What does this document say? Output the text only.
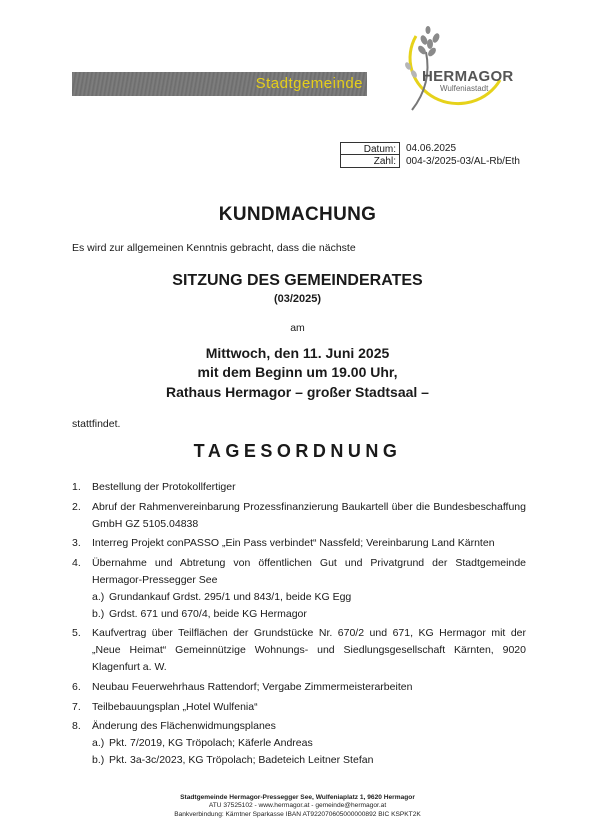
Stadtgemeinde	HERMAGOR
Wulfeniastadt
Datum:	04.06.2025
Zahl:	004-3/2025-03/AL-Rb/Eth
KUNDMACHUNG
Es wird zur allgemeinen Kenntnis gebracht, dass die nächste
SITZUNG DES GEMEINDERATES
(03/2025)
am
Mittwoch, den 11. Juni 2025
mit dem Beginn um 19.00 Uhr,
Rathaus Hermagor – großer Stadtsaal –
stattfindet.
TAGESORDNUNG
1.	Bestellung der Protokollfertiger
2.	Abruf der Rahmenvereinbarung Prozessfinanzierung Baukartell über die Bundesbeschaffung GmbH GZ 5105.04838
3.	Interreg Projekt conPASSO „Ein Pass verbindet“ Nassfeld; Vereinbarung Land Kärnten
4.	Übernahme und Abtretung von öffentlichen Gut und Privatgrund der Stadtgemeinde Hermagor-Pressegger See
a.) Grundankauf Grdst. 295/1 und 843/1, beide KG Egg
b.) Grdst. 671 und 670/4, beide KG Hermagor
5.	Kaufvertrag über Teilflächen der Grundstücke Nr. 670/2 und 671, KG Hermagor mit der „Neue Heimat“ Gemeinnützige Wohnungs- und Siedlungsgesellschaft Kärnten, 9020 Klagenfurt a. W.
6.	Neubau Feuerwehrhaus Rattendorf; Vergabe Zimmermeisterarbeiten
7.	Teilbebauungsplan „Hotel Wulfenia“
8.	Änderung des Flächenwidmungsplanes
a.) Pkt. 7/2019, KG Tröpolach; Käferle Andreas
b.) Pkt. 3a-3c/2023, KG Tröpolach; Badeteich Leitner Stefan
Stadtgemeinde Hermagor-Pressegger See, Wulfeniaplatz 1, 9620 Hermagor
ATU 37525102 - www.hermagor.at - gemeinde@hermagor.at
Bankverbindung: Kärntner Sparkasse IBAN AT922070605000000892 BIC KSPKT2K
